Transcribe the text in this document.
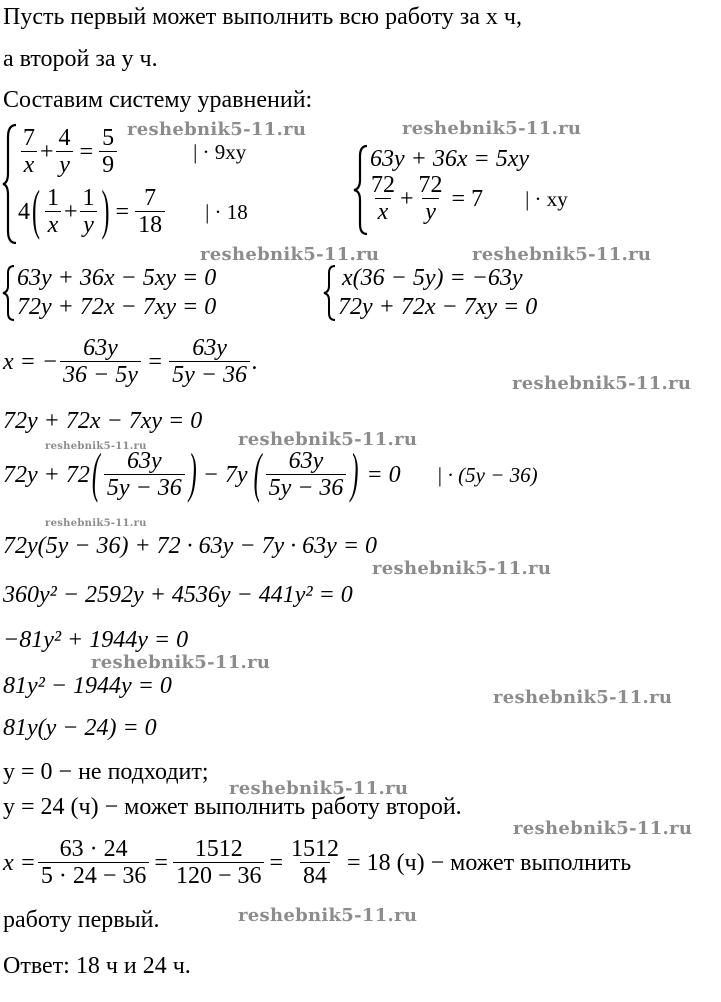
Пусть первый может выполнить всю работу за x ч,
а второй за y ч.
Составим систему уравнений:
$\frac{7}{x} + \frac{4}{y} = \frac{5}{9}$	| · 9xy
4 ( $\frac{1}{x} + \frac{1}{y}$ ) = $\frac{7}{18}$ | · 18
63y + 36x = 5xy
$\frac{72}{x} + \frac{72}{y} = 7$ | · xy
63y + 36x − 5xy = 0
72y + 72x − 7xy = 0
x(36 − 5y) = −63y
72y + 72x − 7xy = 0
x = − $\frac{63y}{36 - 5y} = \frac{63y}{5y - 36}$ .
72y + 72x − 7xy = 0
72y + 72 ( $\frac{63y}{5y - 36}$ ) − 7y ( $\frac{63y}{5y - 36}$ ) = 0 | · (5y − 36)
72y(5y − 36) + 72 · 63y − 7y · 63y = 0
360y² − 2592y + 4536y − 441y² = 0
−81y² + 1944y = 0
81y² − 1944y = 0
81y(y − 24) = 0
y = 0 − не подходит;
y = 24 (ч) − может выполнить работу второй.
$x = \frac{63 \cdot 24}{5 \cdot 24 - 36} = \frac{1512}{120 - 36} = \frac{1512}{84} = 18$ (ч) − может выполнить
работу первый.
Ответ: 18 ч и 24 ч.
reshebnik5-11.ru	reshebnik5-11.ru
reshebnik5-11.ru	reshebnik5-11.ru
reshebnik5-11.ru
reshebnik5-11.ru
reshebnik5-11.ru
reshebnik5-11.ru
reshebnik5-11.ru
reshebnik5-11.ru
reshebnik5-11.ru
reshebnik5-11.ru
reshebnik5-11.ru
reshebnik5-11.ru
